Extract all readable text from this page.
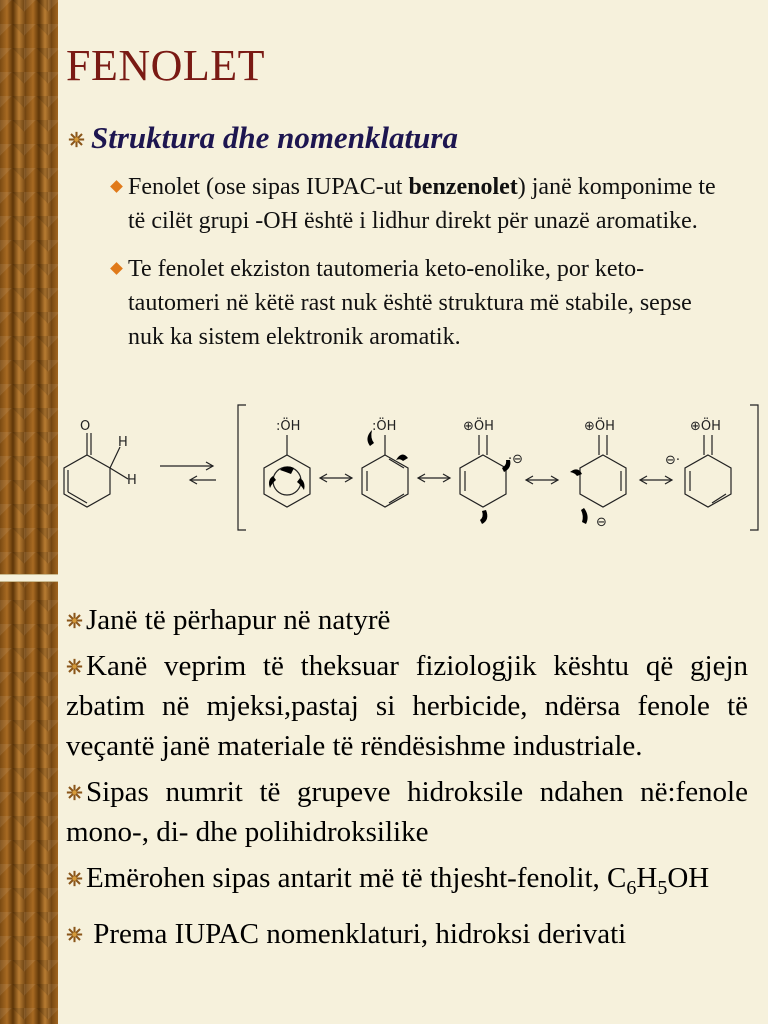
FENOLET
Struktura dhe nomenklatura
Fenolet (ose sipas IUPAC-ut benzenolet) janë komponime te të cilët grupi -OH është i lidhur direkt për unazë aromatike.
Te fenolet ekziston tautomeria keto-enolike, por keto- tautomeri në këtë rast nuk është struktura më stabile, sepse nuk ka sistem elektronik aromatik.
O
H
H
:ÖH	:ÖH	⊕ÖH	⊕ÖH	⊕ÖH
·⊖
⊖
⊖·
Janë të përhapur në natyrë
Kanë veprim të theksuar fiziologjik kështu që gjejn zbatim në mjeksi,pastaj si herbicide, ndërsa fenole të veçantë janë materiale të rëndësishme industriale.
Sipas numrit të grupeve hidroksile ndahen në:fenole mono-, di- dhe polihidroksilike
Emërohen sipas antarit më të thjesht-fenolit, $C_6H_5OH$
Prema IUPAC nomenklaturi, hidroksi derivati
